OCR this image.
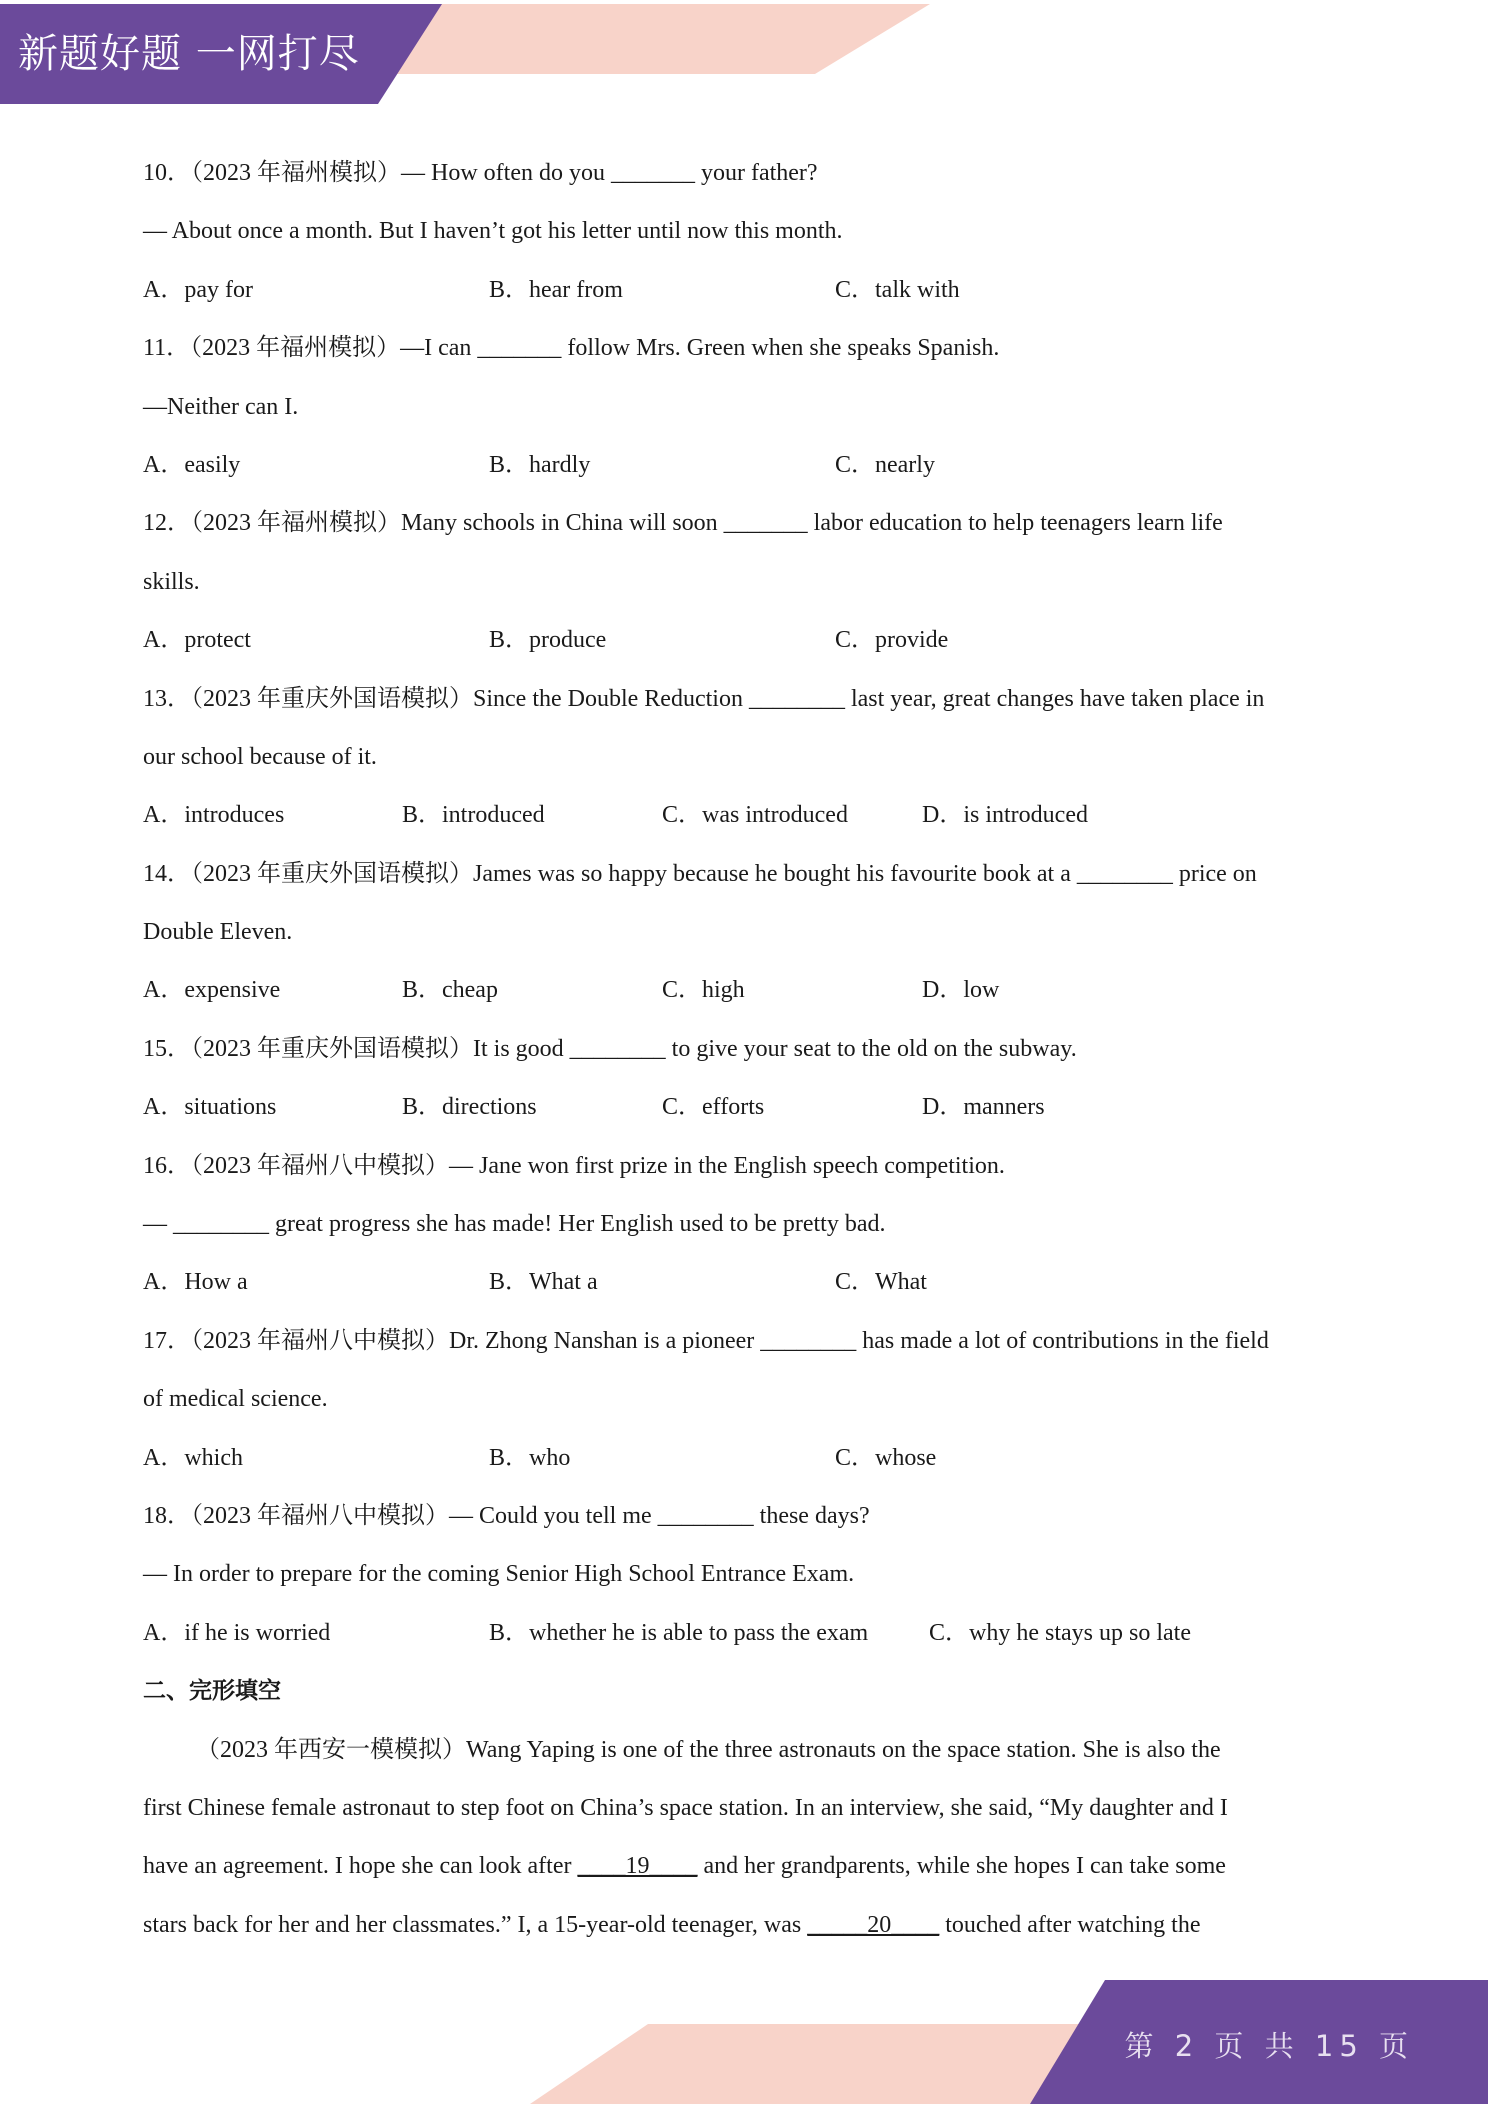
新题好题 一网打尽
10．（2023 年福州模拟）— How often do you _______ your father?
— About once a month. But I haven’t got his letter until now this month.
A．pay for	B．hear from	C．talk with
11．（2023 年福州模拟）—I can _______ follow Mrs. Green when she speaks Spanish.
—Neither can I.
A．easily	B．hardly	C．nearly
12．（2023 年福州模拟）Many schools in China will soon _______ labor education to help teenagers learn life
skills.
A．protect	B．produce	C．provide
13．（2023 年重庆外国语模拟）Since the Double Reduction ________ last year, great changes have taken place in
our school because of it.
A．introduces	B．introduced	C．was introduced	D．is introduced
14．（2023 年重庆外国语模拟）James was so happy because he bought his favourite book at a ________ price on
Double Eleven.
A．expensive	B．cheap	C．high	D．low
15．（2023 年重庆外国语模拟）It is good ________ to give your seat to the old on the subway.
A．situations	B．directions	C．efforts	D．manners
16．（2023 年福州八中模拟）— Jane won first prize in the English speech competition.
— ________ great progress she has made! Her English used to be pretty bad.
A．How a	B．What a	C．What
17．（2023 年福州八中模拟）Dr. Zhong Nanshan is a pioneer ________ has made a lot of contributions in the field
of medical science.
A．which	B．who	C．whose
18．（2023 年福州八中模拟）— Could you tell me ________ these days?
— In order to prepare for the coming Senior High School Entrance Exam.
A．if he is worried	B．whether he is able to pass the exam	C．why he stays up so late
二、完形填空
（2023 年西安一模模拟）Wang Yaping is one of the three astronauts on the space station. She is also the
first Chinese female astronaut to step foot on China’s space station. In an interview, she said, “My daughter and I
have an agreement. I hope she can look after ____19____ and her grandparents, while she hopes I can take some
stars back for her and her classmates.” I, a 15-year-old teenager, was _____20____ touched after watching the
第 2 页 共 15 页
